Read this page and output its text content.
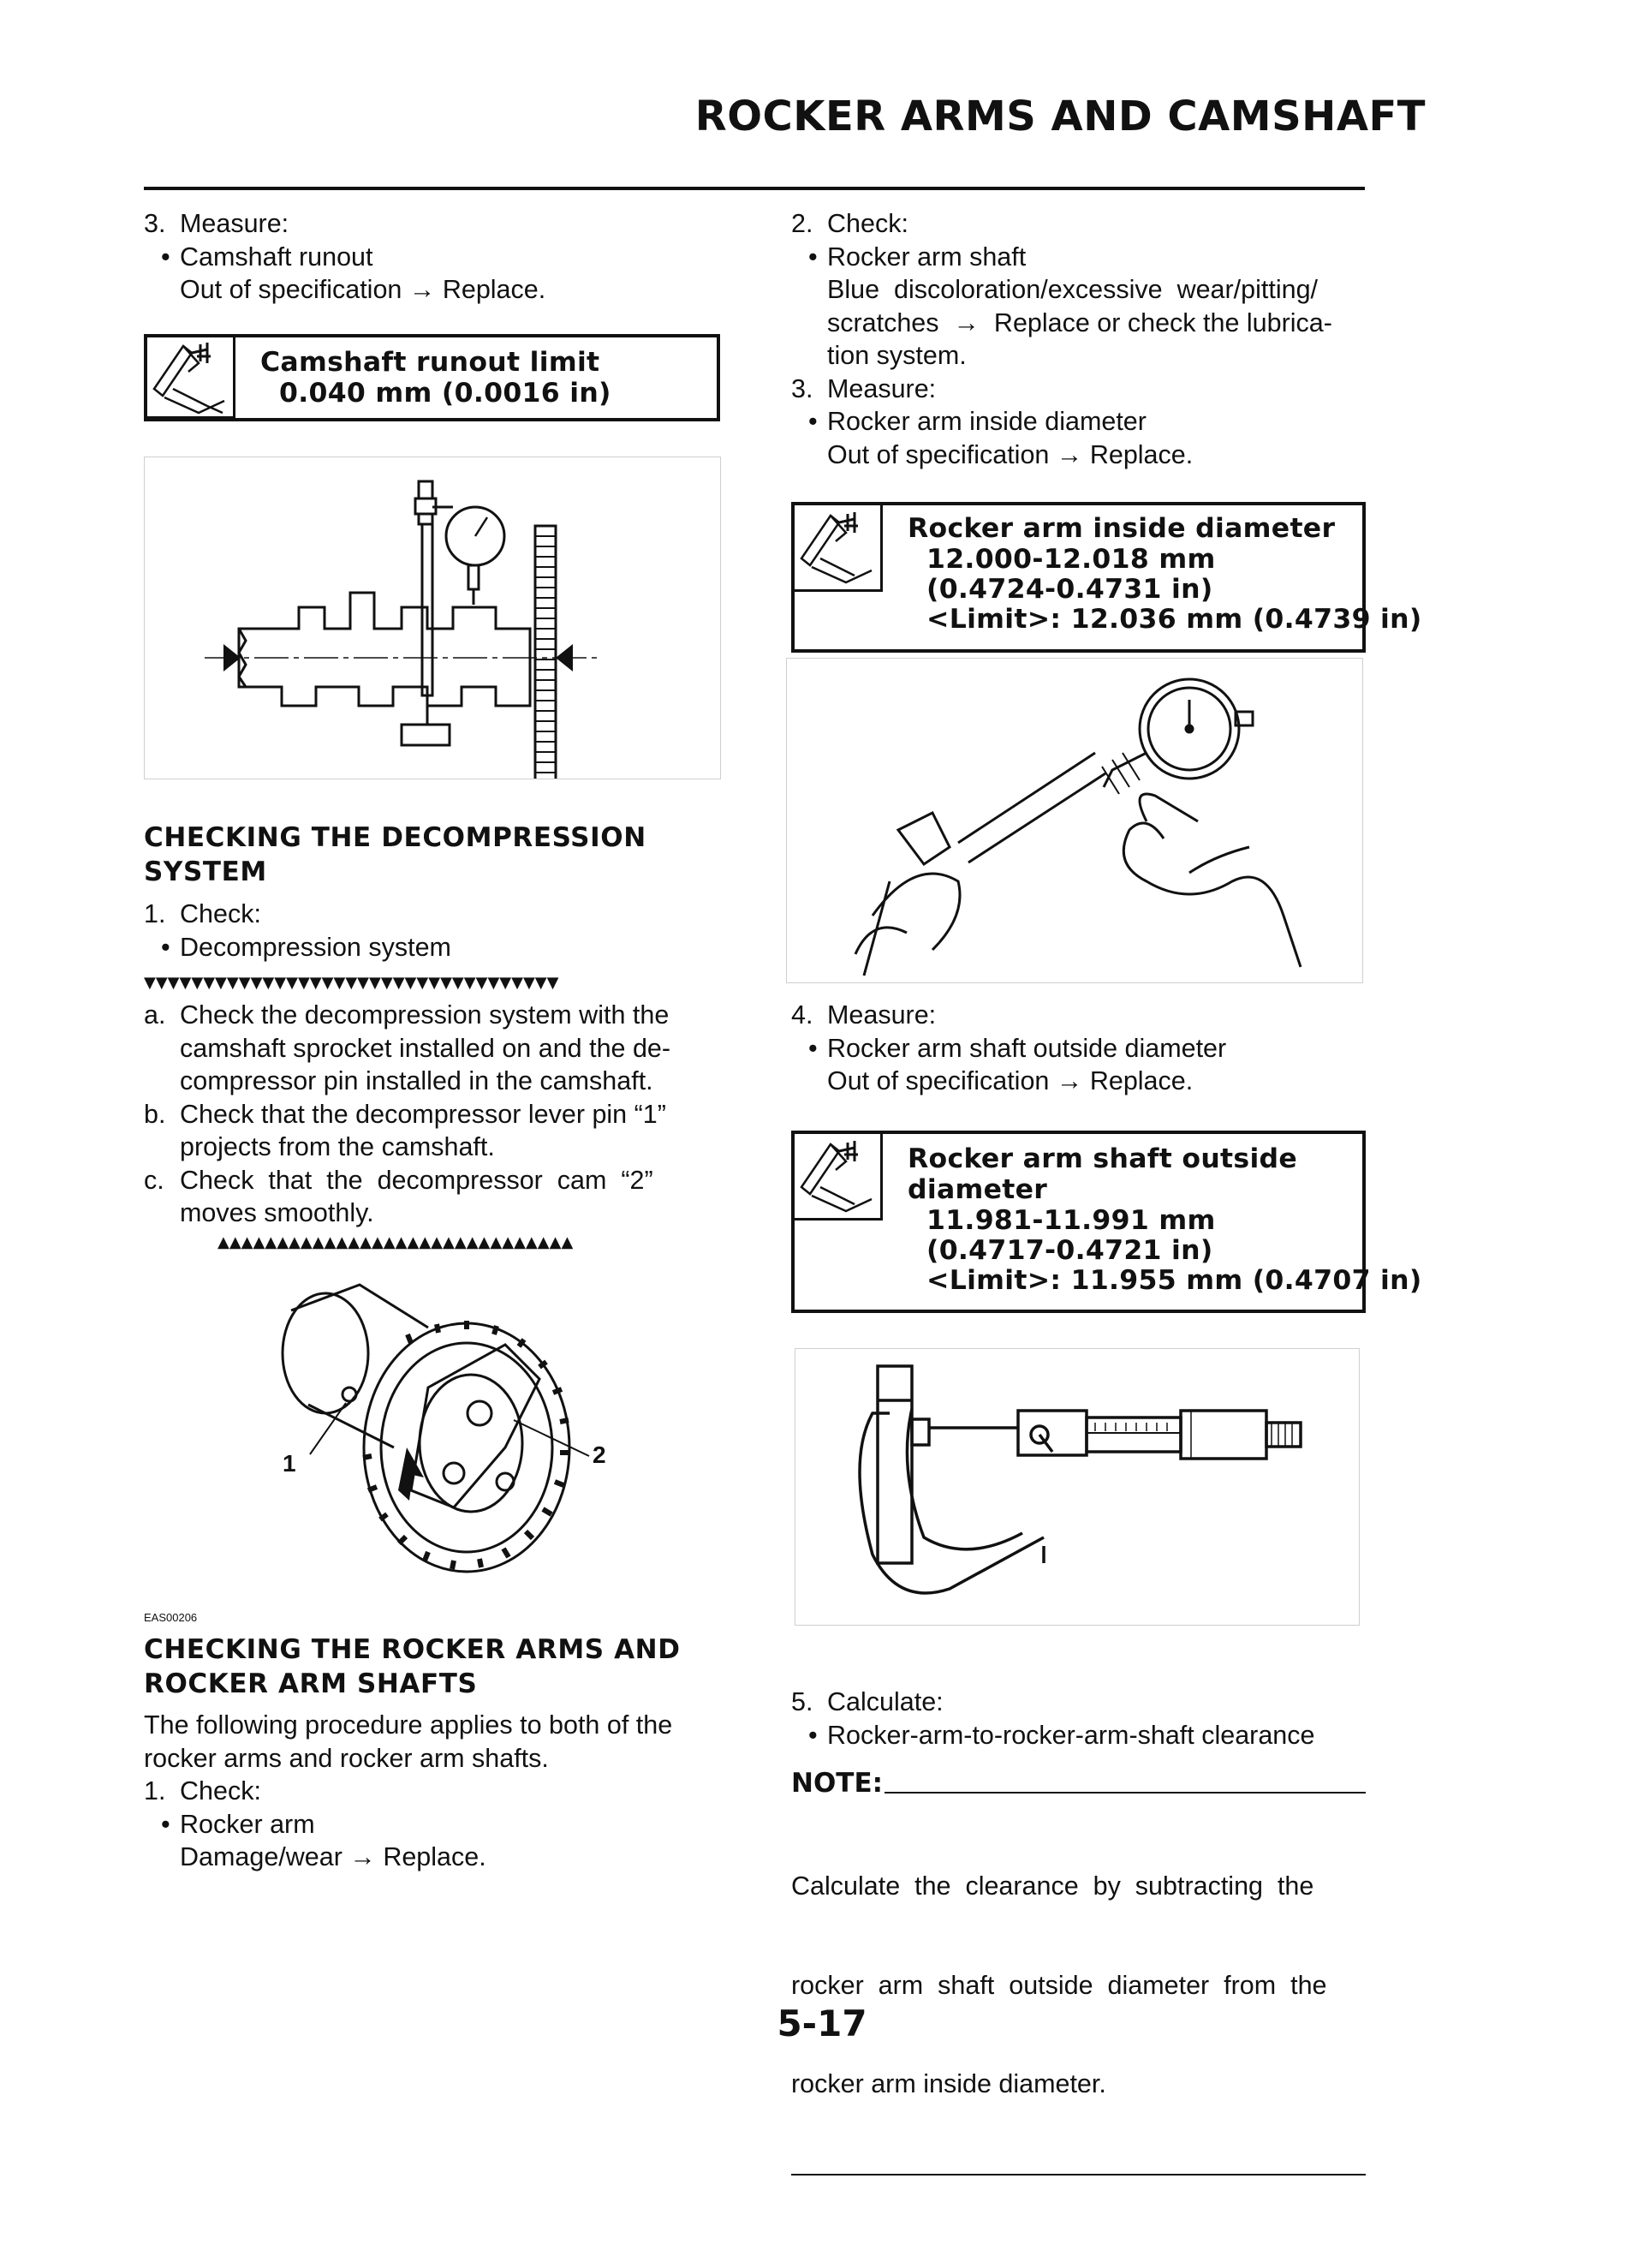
ROCKER ARMS AND CAMSHAFT
3. Measure:
• Camshaft runout
Out of specification → Replace.
Camshaft runout limit
0.040 mm (0.0016 in)
CHECKING THE DECOMPRESSION
SYSTEM
1. Check:
• Decompression system
▼▼▼▼▼▼▼▼▼▼▼▼▼▼▼▼▼▼▼▼▼▼▼▼▼▼▼▼▼▼▼▼▼▼▼
a. Check the decompression system with the
camshaft sprocket installed on and the de-
compressor pin installed in the camshaft.
b. Check that the decompressor lever pin “1”
projects from the camshaft.
c. Check  that  the  decompressor  cam  “2”
moves smoothly.
▲▲▲▲▲▲▲▲▲▲▲▲▲▲▲▲▲▲▲▲▲▲▲▲▲▲▲▲▲▲
1	2
EAS00206
CHECKING THE ROCKER ARMS AND
ROCKER ARM SHAFTS

The following procedure applies to both of the

rocker arms and rocker arm shafts.

1. Check:
• Rocker arm
Damage/wear → Replace.
2. Check:
• Rocker arm shaft
Blue  discoloration/excessive  wear/pitting/
scratches  →  Replace or check the lubrica-
tion system.
3. Measure:
• Rocker arm inside diameter
Out of specification → Replace.
Rocker arm inside diameter
12.000-12.018 mm
(0.4724-0.4731 in)
<Limit>: 12.036 mm (0.4739 in)
4. Measure:
• Rocker arm shaft outside diameter
Out of specification → Replace.
Rocker arm shaft outside
diameter
11.981-11.991 mm
(0.4717-0.4721 in)
<Limit>: 11.955 mm (0.4707 in)
5. Calculate:
• Rocker-arm-to-rocker-arm-shaft clearance
NOTE:

Calculate  the  clearance  by  subtracting  the

rocker  arm  shaft  outside  diameter  from  the

rocker arm inside diameter.

5-17
